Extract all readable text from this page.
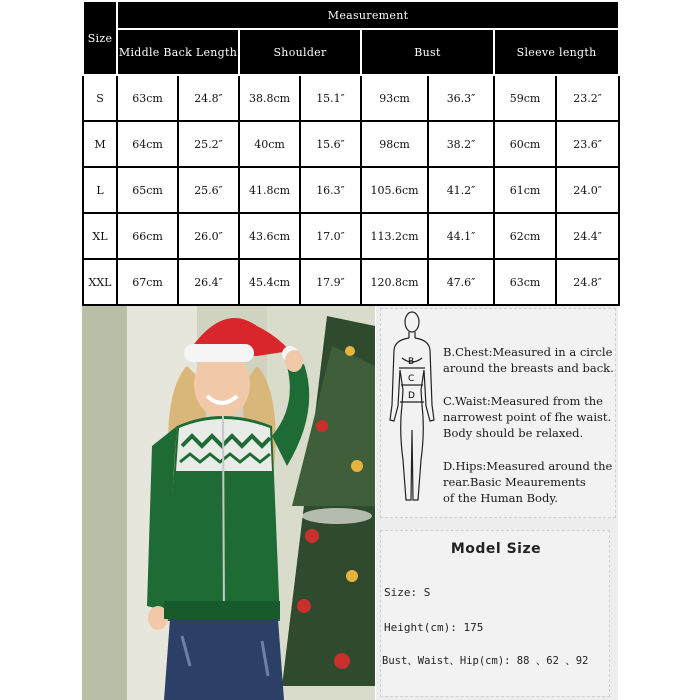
Size	Measurement							
	Middle Back Length		Shoulder		Bust		Sleeve length	
S	63cm	24.8″	38.8cm	15.1″	93cm	36.3″	59cm	23.2″
M	64cm	25.2″	40cm	15.6″	98cm	38.2″	60cm	23.6″
L	65cm	25.6″	41.8cm	16.3″	105.6cm	41.2″	61cm	24.0″
XL	66cm	26.0″	43.6cm	17.0″	113.2cm	44.1″	62cm	24.4″
XXL	67cm	26.4″	45.4cm	17.9″	120.8cm	47.6″	63cm	24.8″
B
C
D
B.Chest:Measured in a circle
around the breasts and back.
C.Waist:Measured from the
narrowest point of fhe waist.
Body should be relaxed.
D.Hips:Measured around the
rear.Basic Meaurements
of the Human Body.
Model Size
Size: S
Height(cm): 175
Bust、Waist、Hip(cm): 88 、62 、92
